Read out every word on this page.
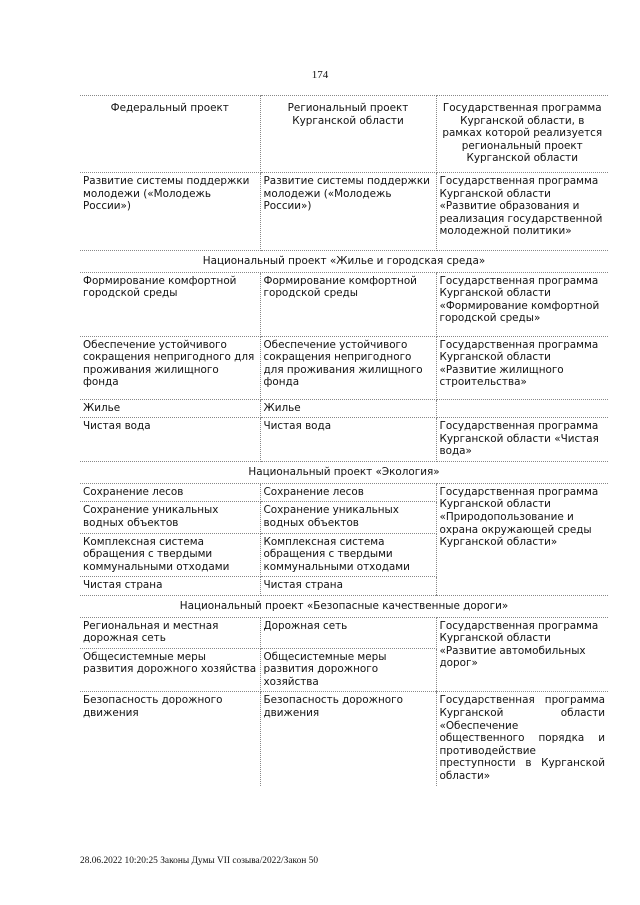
174
Федеральный проект	Региональный проект Курганской области	Государственная программа Курганской области, в рамках которой реализуется региональный проект Курганской области
Развитие системы поддержки молодежи («Молодежь России»)	Развитие системы поддержки молодежи («Молодежь России»)	Государственная программа Курганской области «Развитие образования и реализация государственной молодежной политики»
Национальный проект «Жилье и городская среда»		
Формирование комфортной городской среды	Формирование комфортной городской среды	Государственная программа Курганской области «Формирование комфортной городской среды»
Обеспечение устойчивого сокращения непригодного для проживания жилищного фонда	Обеспечение устойчивого сокращения непригодного для проживания жилищного фонда	Государственная программа Курганской области «Развитие жилищного строительства»
Жилье	Жилье	
Чистая вода	Чистая вода	Государственная программа Курганской области «Чистая вода»
Национальный проект «Экология»		
Сохранение лесов	Сохранение лесов	Государственная программа Курганской области «Природопользование и охрана окружающей среды Курганской области»
Сохранение уникальных водных объектов	Сохранение уникальных водных объектов	
Комплексная система обращения с твердыми коммунальными отходами	Комплексная система обращения с твердыми коммунальными отходами	
Чистая страна	Чистая страна	
Национальный проект «Безопасные качественные дороги»		
Региональная и местная дорожная сеть	Дорожная сеть	Государственная программа Курганской области «Развитие автомобильных дорог»
Общесистемные меры развития дорожного хозяйства	Общесистемные меры развития дорожного хозяйства	
Безопасность дорожного движения	Безопасность дорожного движения	Государственная программа Курганской области «Обеспечение общественного порядка и противодействие преступности в Курганской области»
28.06.2022 10:20:25 Законы Думы VII созыва/2022/Закон 50
